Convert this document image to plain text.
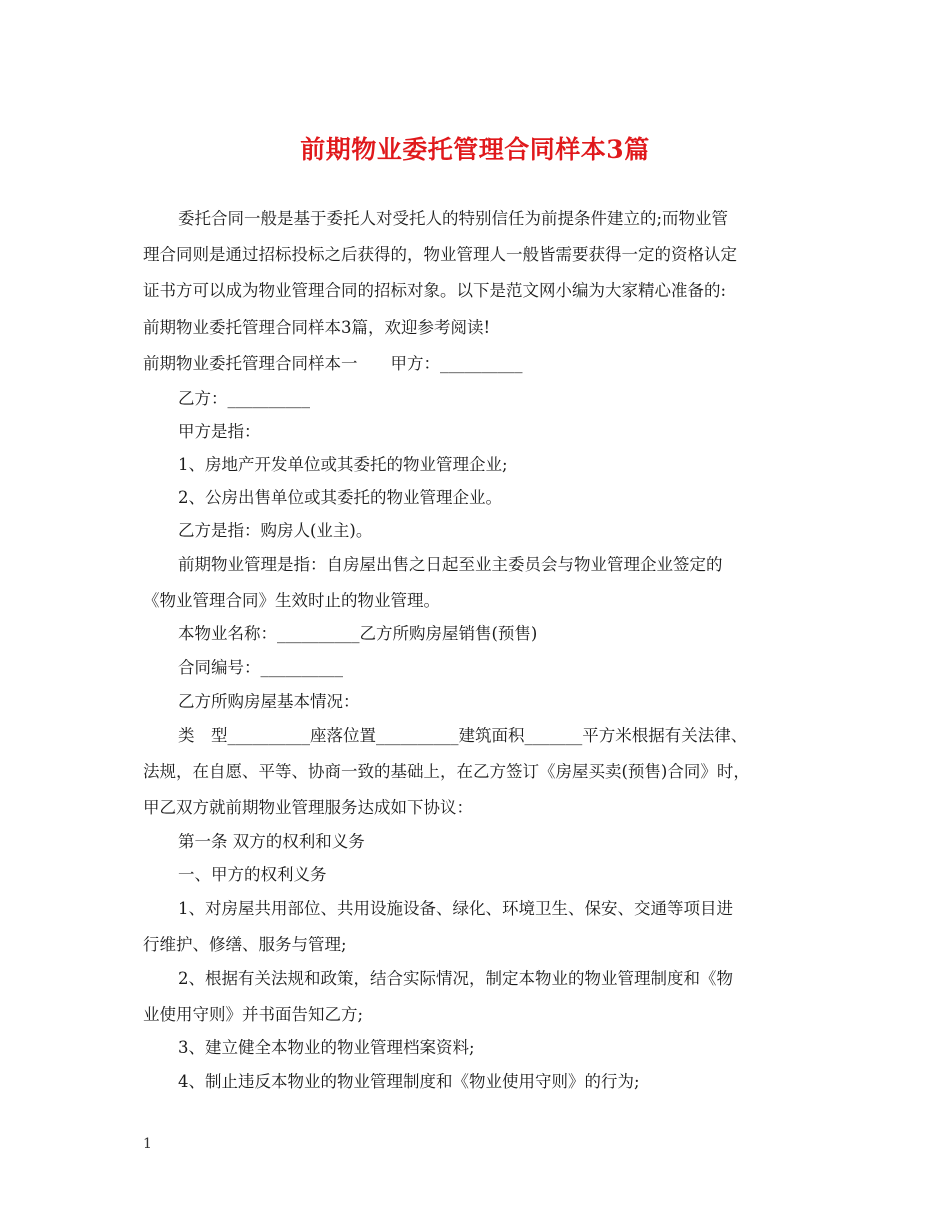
前期物业委托管理合同样本3篇
委托合同一般是基于委托人对受托人的特别信任为前提条件建立的;而物业管
理合同则是通过招标投标之后获得的，物业管理人一般皆需要获得一定的资格认定
证书方可以成为物业管理合同的招标对象。以下是范文网小编为大家精心准备的:
前期物业委托管理合同样本3篇，欢迎参考阅读!
前期物业委托管理合同样本一　　甲方：__________
乙方：__________
甲方是指：
1、房地产开发单位或其委托的物业管理企业;
2、公房出售单位或其委托的物业管理企业。
乙方是指：购房人(业主)。
前期物业管理是指：自房屋出售之日起至业主委员会与物业管理企业签定的
《物业管理合同》生效时止的物业管理。
本物业名称：__________乙方所购房屋销售(预售)
合同编号：__________
乙方所购房屋基本情况：
类　型__________座落位置__________建筑面积_______平方米根据有关法律、
法规，在自愿、平等、协商一致的基础上，在乙方签订《房屋买卖(预售)合同》时，
甲乙双方就前期物业管理服务达成如下协议：
第一条 双方的权利和义务
一、甲方的权利义务
1、对房屋共用部位、共用设施设备、绿化、环境卫生、保安、交通等项目进
行维护、修缮、服务与管理;
2、根据有关法规和政策，结合实际情况，制定本物业的物业管理制度和《物
业使用守则》并书面告知乙方;
3、建立健全本物业的物业管理档案资料;
4、制止违反本物业的物业管理制度和《物业使用守则》的行为;
1
